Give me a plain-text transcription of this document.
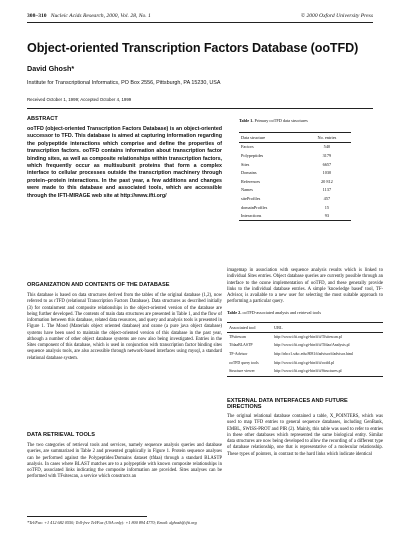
308–310 Nucleic Acids Research, 2000, Vol. 28, No. 1	© 2000 Oxford University Press
Object-oriented Transcription Factors Database (ooTFD)
David Ghosh*
Institute for Transcriptional Informatics, PO Box 2556, Pittsburgh, PA 15230, USA
Received October 1, 1999; Accepted October 4, 1999
ABSTRACT
ooTFD (object-oriented Transcription Factors Database) is an object-oriented successor to TFD. This database is aimed at capturing information regarding the polypeptide interactions which comprise and define the properties of transcription factors. ooTFD contains information about transcription factor binding sites, as well as composite relationships within transcription factors, which frequently occur as multisubunit proteins that form a complex interface to cellular processes outside the transcription machinery through protein–protein interactions. In the past year, a few additions and changes were made to this database and associated tools, which are accessible through the IFTI-MIRAGE web site at http://www.ifti.org/
ORGANIZATION AND CONTENTS OF THE DATABASE

This database is based on data structures derived from the tables of the original database (1,2), now referred to as rTFD (relational Transcription Factors Database). Data structures as described initially (3) for containment and composite relationships in the object-oriented version of the database are being further developed. The contents of main data structures are presented in Table 1, and the flow of information between this database, related data resources, and query and analysis tools is presented in Figure 1. The Mood (Materials object oriented database) and ozone (a pure java object database) systems have been used to maintain the object-oriented version of this database in the past year, although a number of other object database systems are now also being investigated. Entries in the Sites component of this database, which is used in conjunction with transcription factor binding sites sequence analysis tools, are also accessible through network-based interfaces using mysql, a standard relational database system.

DATA RETRIEVAL TOOLS

The two categories of retrieval tools and services, namely sequence analysis queries and database queries, are summarized in Table 2 and presented graphically in Figure 1. Protein sequence analyses can be performed against the Polypeptides/Domains dataset (tfdaa) through a standard BLASTP analysis. In cases where BLAST matches are to a polypeptide with known composite relationships in ooTFD, associated links indicating the composite information are provided. Sites analyses can be performed with TFsitescan, a service which constructs an

Table 1. Primary ooTFD data structures
Data structure	No. entries
Factors	540
Polypeptides	3179
Sites	6657
Domains	1030
References	20 812
Names	1137
siteProfiles	457
domainProfiles	15
Interactions	93

imagemap in association with sequence analysis results which is linked to individual Sites entries. Object database queries are currently possible through an interface to the ozone implementation of ooTFD, and these generally provide links to the individual database entries. A simple 'knowledge based' tool, TF-Advisor, is available to a new user for selecting the most suitable approach to performing a particular query.

Table 2. ooTFD-associated analysis and retrieval tools
Associated tool	URL
TFsitescan	http://www.ifti.org/cgi-bin/ifti/Tfsitescan.pl
TfdaaBLASTP	http://www.ifti.org/cgi-bin/ifti/Tfdaa/Analysis.pl
TF-Advisor	http://nbcr1.sdsc.edu:8081/tfadvisor/tfadvisor.html
ooTFD query tools	http://www.ifti.org/cgi-bin/ifti/ootfd.pl
Structure viewer	http://www.ifti.org/cgi-bin/ifti/Structures.pl
EXTERNAL DATA INTERFACES AND FUTURE DIRECTIONS

The original relational database contained a table, X_POINTERS, which was used to map TFD entries to general sequence databases, including GenBank, EMBL, SWISS-PROT and PIR (2). Mainly, this table was used to refer to entries in these other databases which represented the same biological entity. Similar data structures are now being developed to allow the recording of a different type of database relationship, one that is representative of a molecular relationship. These types of pointers, in contrast to the hard links which indicate identical

*Tel/Fax: +1 412 682 0550; Toll-free Tel/Fax (USA only): +1 800 894 4770; Email: dghosh@ifti.org
